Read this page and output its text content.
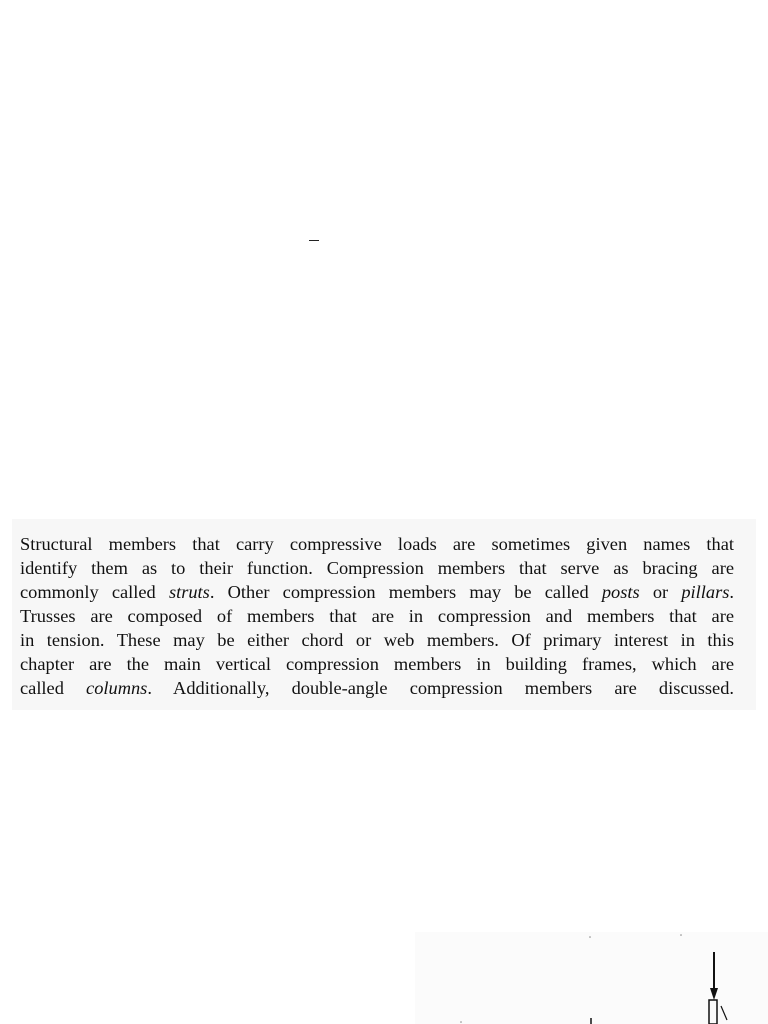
Structural members that carry compressive loads are sometimes given names that
identify them as to their function. Compression members that serve as bracing are
commonly called struts. Other compression members may be called posts or pillars.
Trusses are composed of members that are in compression and members that are
in tension. These may be either chord or web members. Of primary interest in this
chapter are the main vertical compression members in building frames, which are
called columns. Additionally, double-angle compression members are discussed.
